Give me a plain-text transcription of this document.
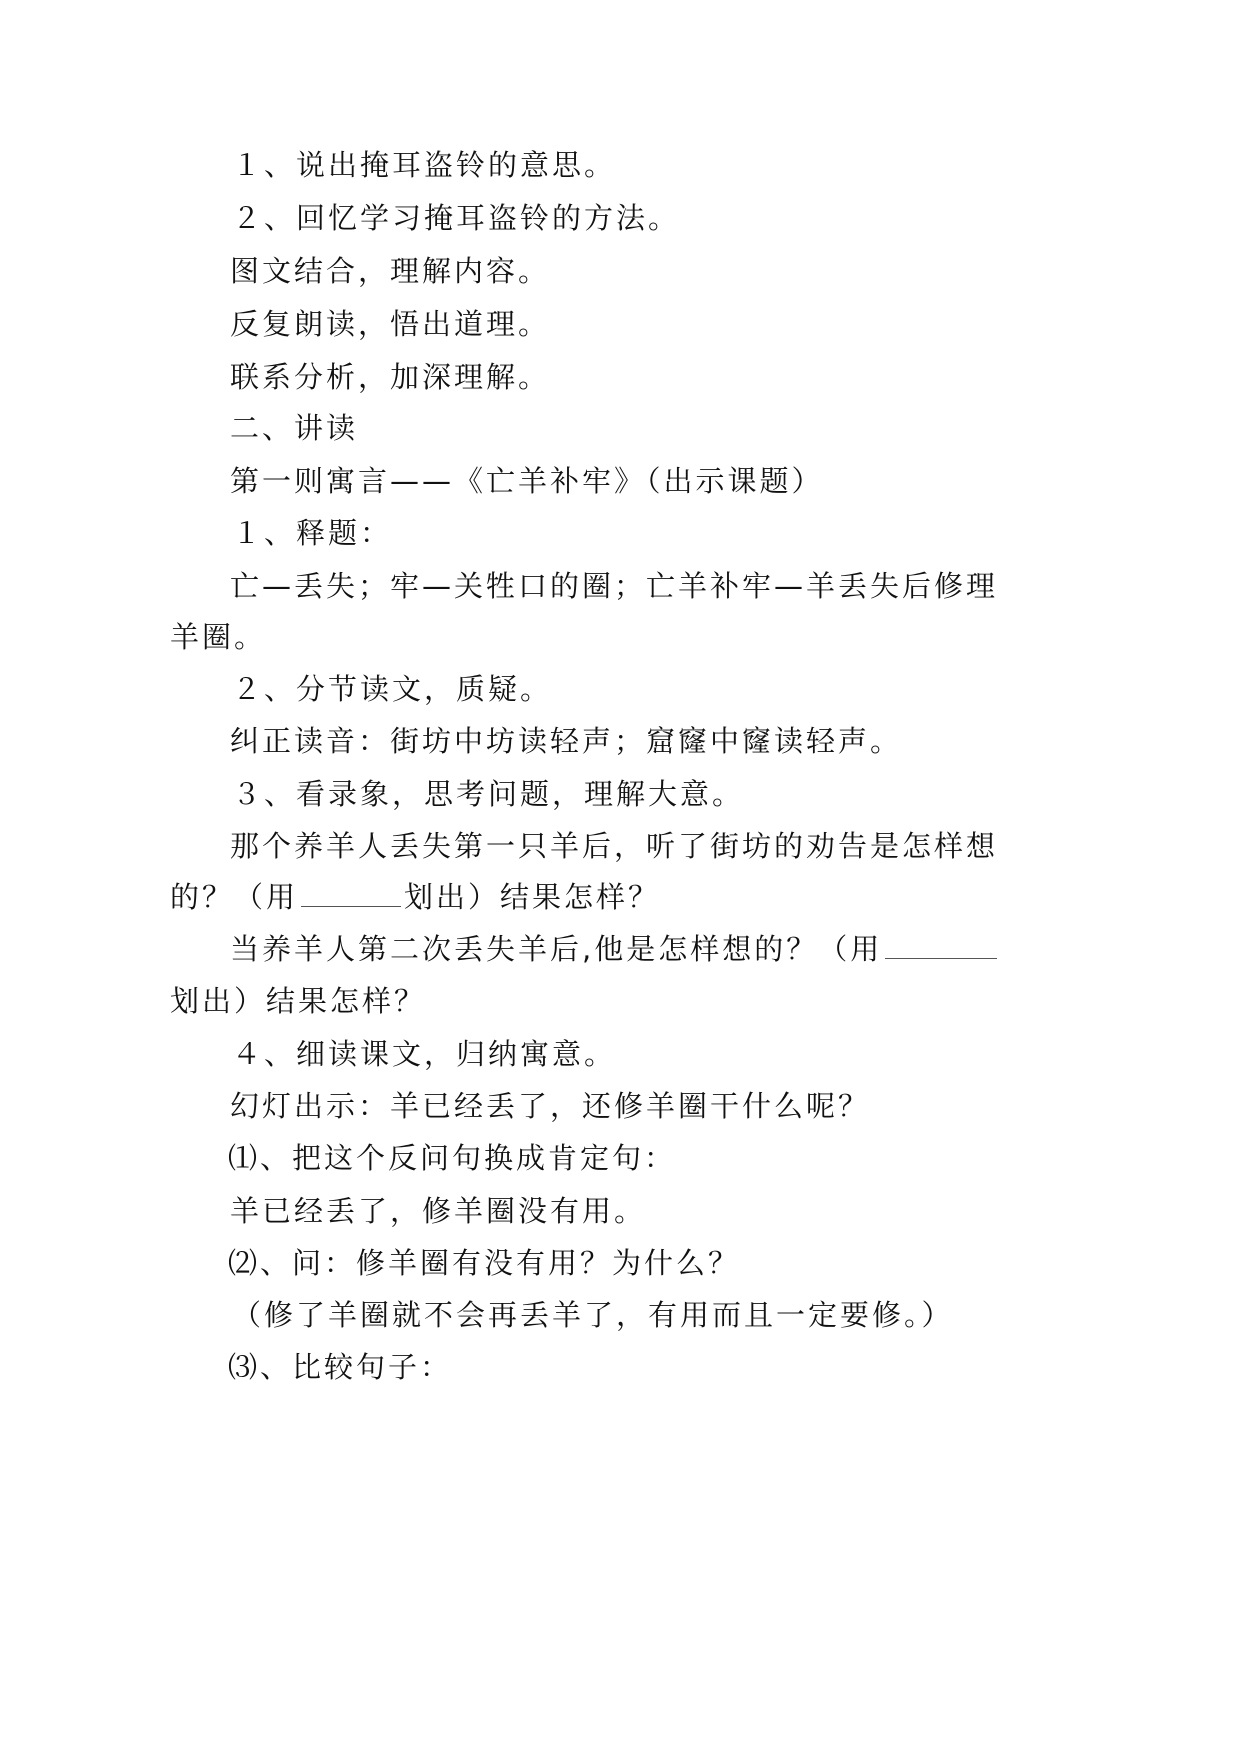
１、说出掩耳盗铃的意思。
２、回忆学习掩耳盗铃的方法。
图文结合，理解内容。
反复朗读，悟出道理。
联系分析，加深理解。
二、讲读
第一则寓言——《亡羊补牢》（出示课题）
１、释题：
亡—丢失；牢—关牲口的圈；亡羊补牢—羊丢失后修理
羊圈。
２、分节读文，质疑。
纠正读音：街坊中坊读轻声；窟窿中窿读轻声。
３、看录象，思考问题，理解大意。
那个养羊人丢失第一只羊后，听了街坊的劝告是怎样想
的？（用	划出）结果怎样？
当养羊人第二次丢失羊后,他是怎样想的？（用
划出）结果怎样？
４、细读课文，归纳寓意。
幻灯出示：羊已经丢了，还修羊圈干什么呢？
⑴、把这个反问句换成肯定句：
羊已经丢了，修羊圈没有用。
⑵、问：修羊圈有没有用？为什么？
（修了羊圈就不会再丢羊了，有用而且一定要修。）
⑶、比较句子：
